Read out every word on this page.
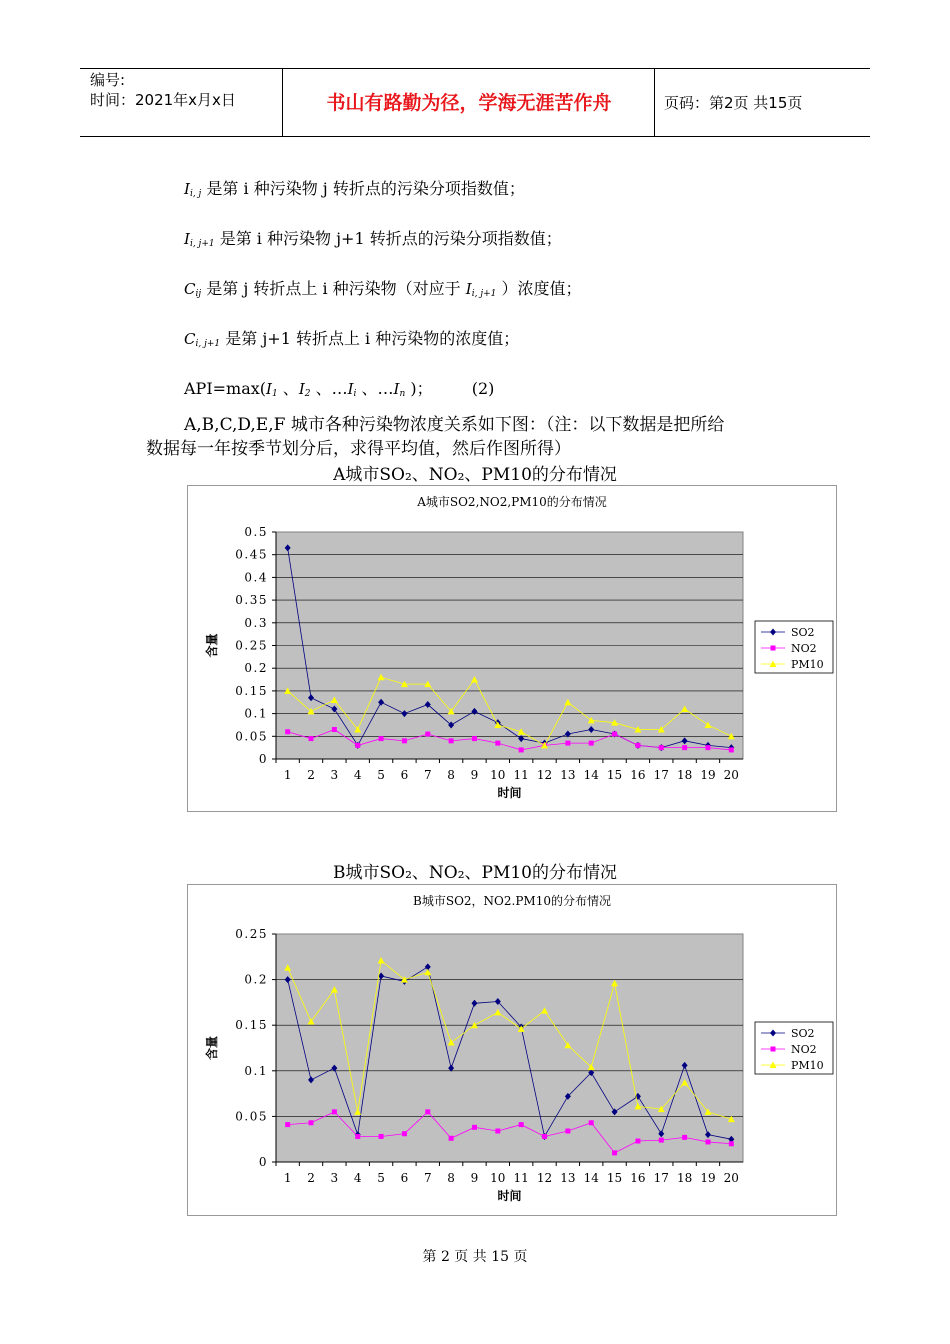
编号:
时间：2021年x月x日	书山有路勤为径，学海无涯苦作舟	页码：第2页 共15页
$I_{i, j}$ 是第 i 种污染物 j 转折点的污染分项指数值；
$I_{i, j+1}$ 是第 i 种污染物 j+1 转折点的污染分项指数值；
$C_{ij}$ 是第 j 转折点上 i 种污染物（对应于 $I_{i, j+1}$ ）浓度值；
$C_{i, j+1}$ 是第 j+1 转折点上 i 种污染物的浓度值；
$API=\max(I_1$ 、$I_2$ 、$\dots I_i$ 、$\dots I_n$ )； (2)
A,B,C,D,E,F 城市各种污染物浓度关系如下图：（注：以下数据是把所给
数据每一年按季节划分后，求得平均值，然后作图所得）
A城市SO₂、NO₂、PM10的分布情况
A城市SO2,NO2,PM10的分布情况
0
0.05
0.1
0.15
0.2
0.25
0.3
0.35
0.4
0.45
0.5
1 2 3 4 5 6 7 8 9 10 11 12 13 14 15 16 17 18 19 20
时间
含量
SO2
NO2
PM10
B城市SO₂、NO₂、PM10的分布情况
B城市SO2，NO2.PM10的分布情况
0
0.05
0.1
0.15
0.2
0.25
1 2 3 4 5 6 7 8 9 10 11 12 13 14 15 16 17 18 19 20
时间
含量
SO2
NO2
PM10
第 2 页 共 15 页
